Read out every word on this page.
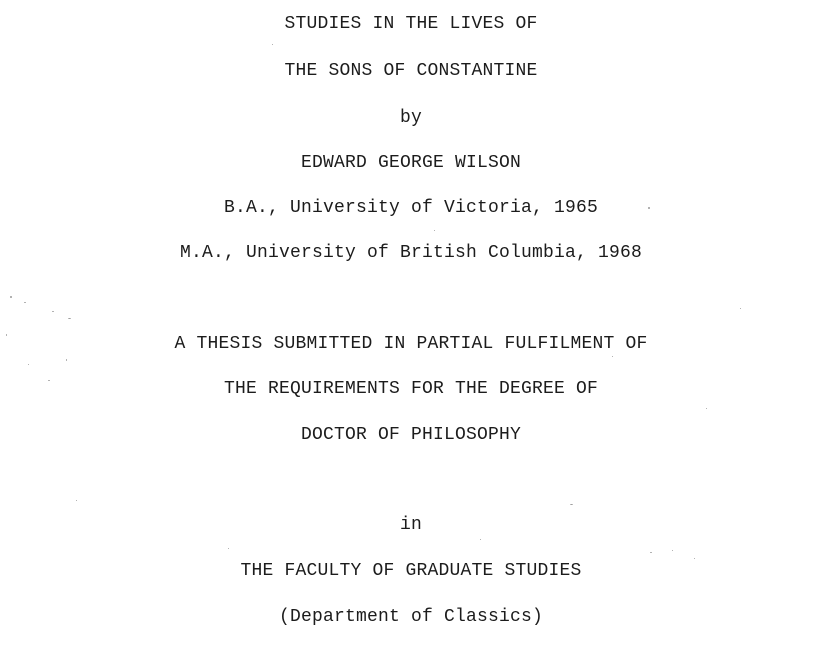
STUDIES IN THE LIVES OF
THE SONS OF CONSTANTINE
by
EDWARD GEORGE WILSON
B.A., University of Victoria, 1965
M.A., University of British Columbia, 1968
A THESIS SUBMITTED IN PARTIAL FULFILMENT OF
THE REQUIREMENTS FOR THE DEGREE OF
DOCTOR OF PHILOSOPHY
in
THE FACULTY OF GRADUATE STUDIES
(Department of Classics)
